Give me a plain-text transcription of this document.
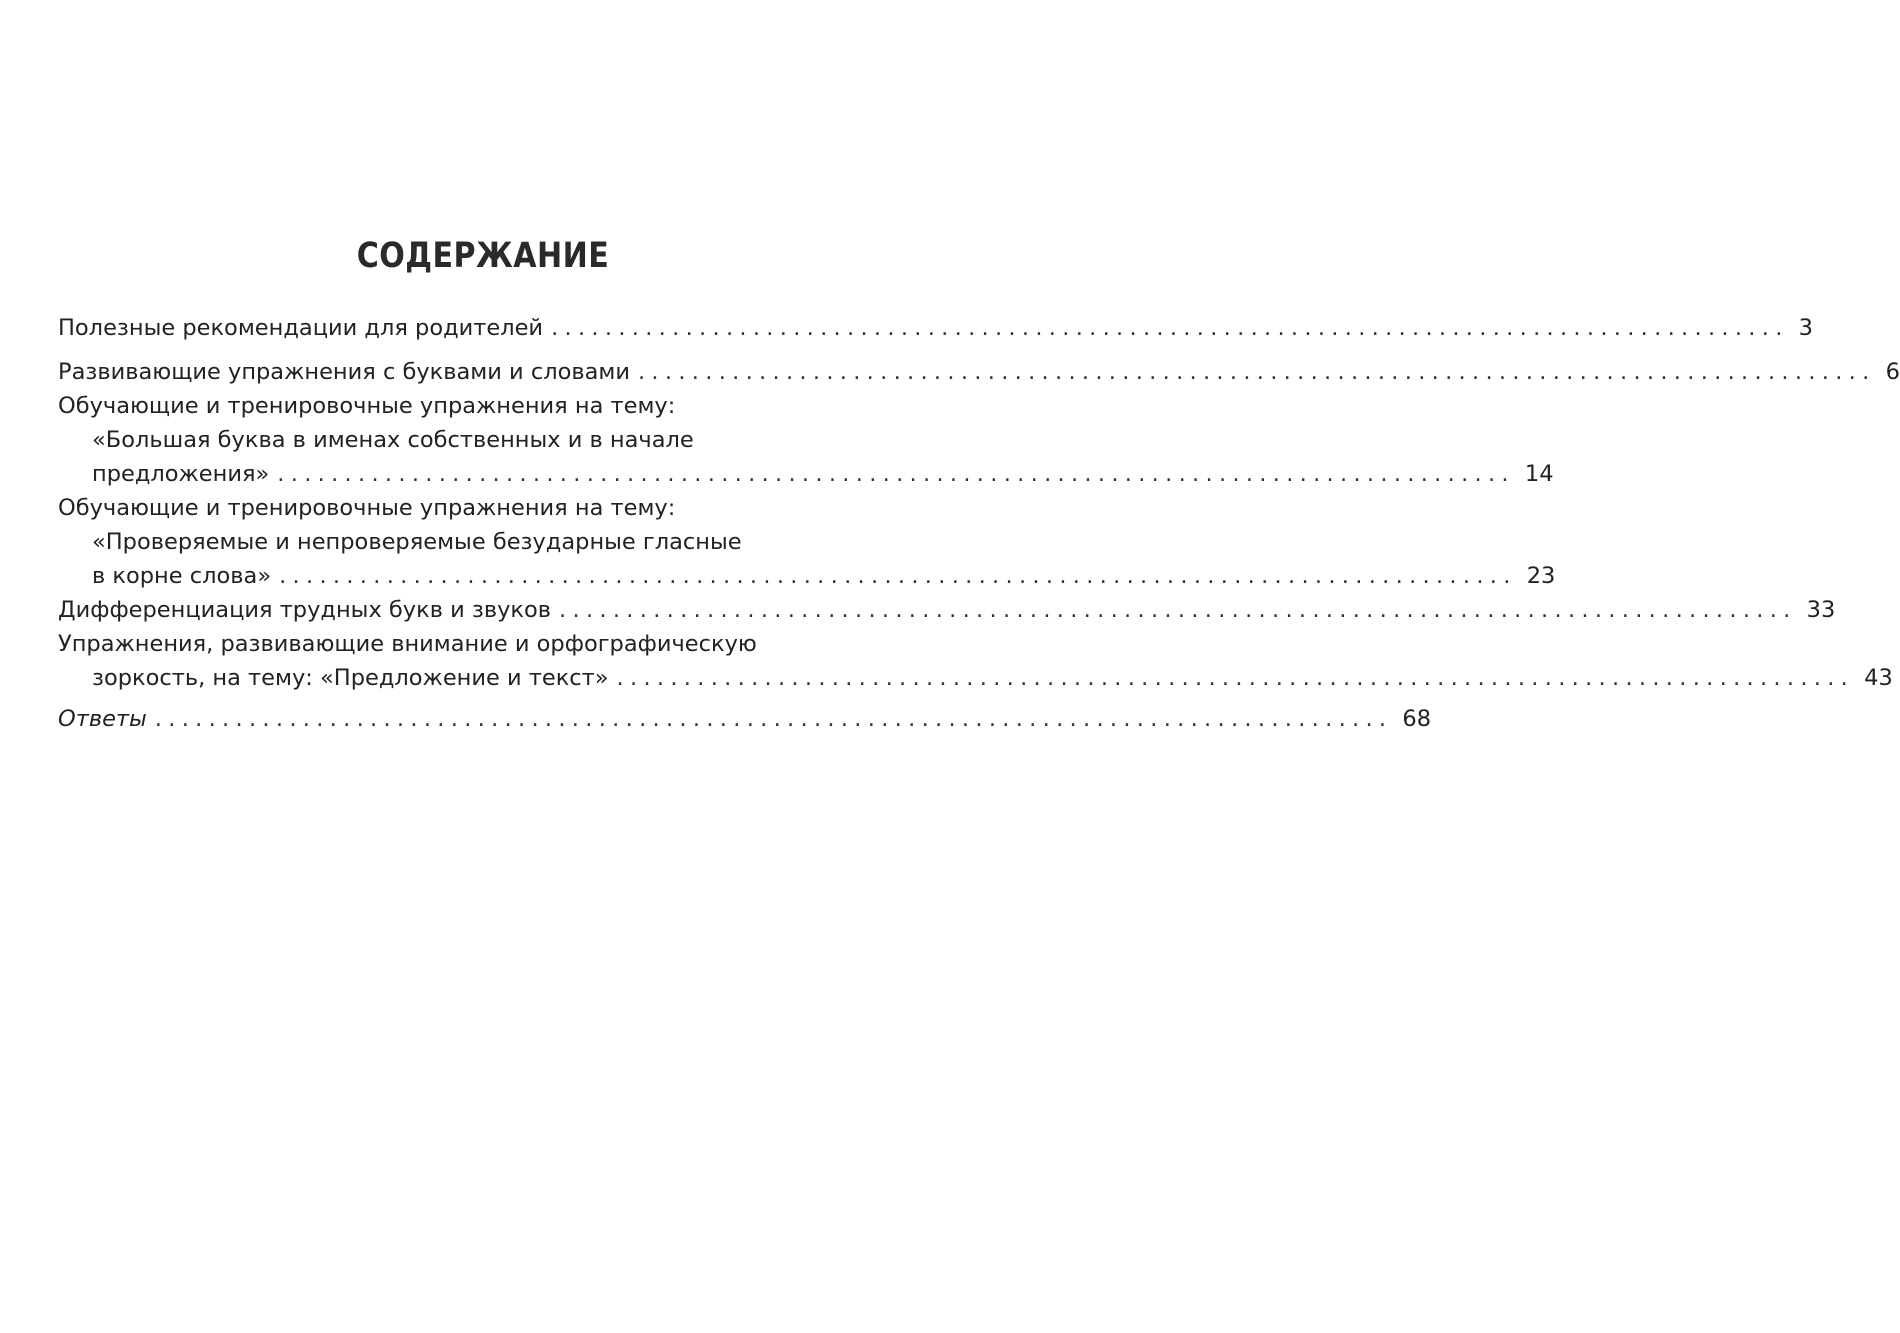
СОДЕРЖАНИЕ
Полезные рекомендации для родителей ............................................................................................ 3
Развивающие упражнения с буквами и словами ............................................................................................ 6
Обучающие и тренировочные упражнения на тему:
«Большая буква в именах собственных и в начале
предложения» ............................................................................................ 14
Обучающие и тренировочные упражнения на тему:
«Проверяемые и непроверяемые безударные гласные
в корне слова» ............................................................................................ 23
Дифференциация трудных букв и звуков ............................................................................................ 33
Упражнения, развивающие внимание и орфографическую
зоркость, на тему: «Предложение и текст» ............................................................................................ 43
Ответы ............................................................................................ 68
